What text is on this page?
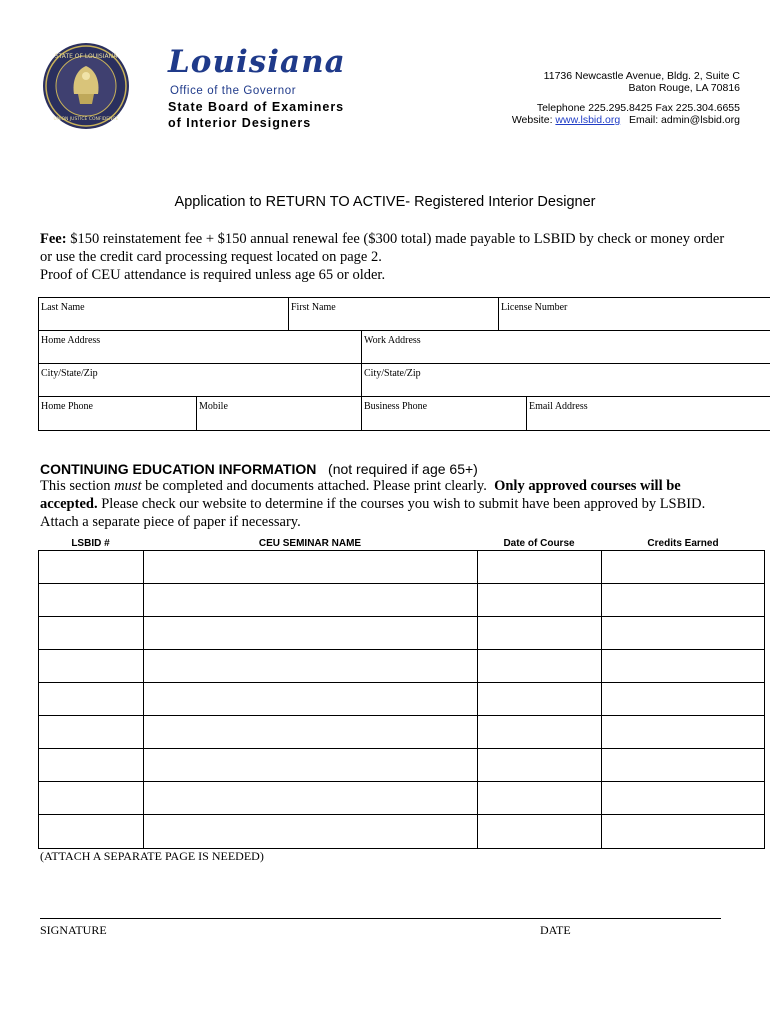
STATE OF LOUISIANA
UNION JUSTICE CONFIDENCE
Louisiana
Office of the Governor
State Board of Examiners
of Interior Designers
11736 Newcastle Avenue, Bldg. 2, Suite C
Baton Rouge, LA 70816
Telephone 225.295.8425 Fax 225.304.6655
Website: www.lsbid.org Email: admin@lsbid.org
Application to RETURN TO ACTIVE- Registered Interior Designer

Fee: $150 reinstatement fee + $150 annual renewal fee ($300 total) made payable to LSBID by check or money order or use the credit card processing request located on page 2.

Proof of CEU attendance is required unless age 65 or older.

Last Name	First Name	License Number
Home Address	Work Address
City/State/Zip	City/State/Zip
Home Phone	Mobile	Business Phone	Email Address
CONTINUING EDUCATION INFORMATION   (not required if age 65+)

This section must be completed and documents attached. Please print clearly.  Only approved courses will be accepted. Please check our website to determine if the courses you wish to submit have been approved by LSBID. Attach a separate piece of paper if necessary.

LSBID #	CEU SEMINAR NAME	Date of Course	Credits Earned
(ATTACH A SEPARATE PAGE IS NEEDED)
SIGNATURE	DATE
